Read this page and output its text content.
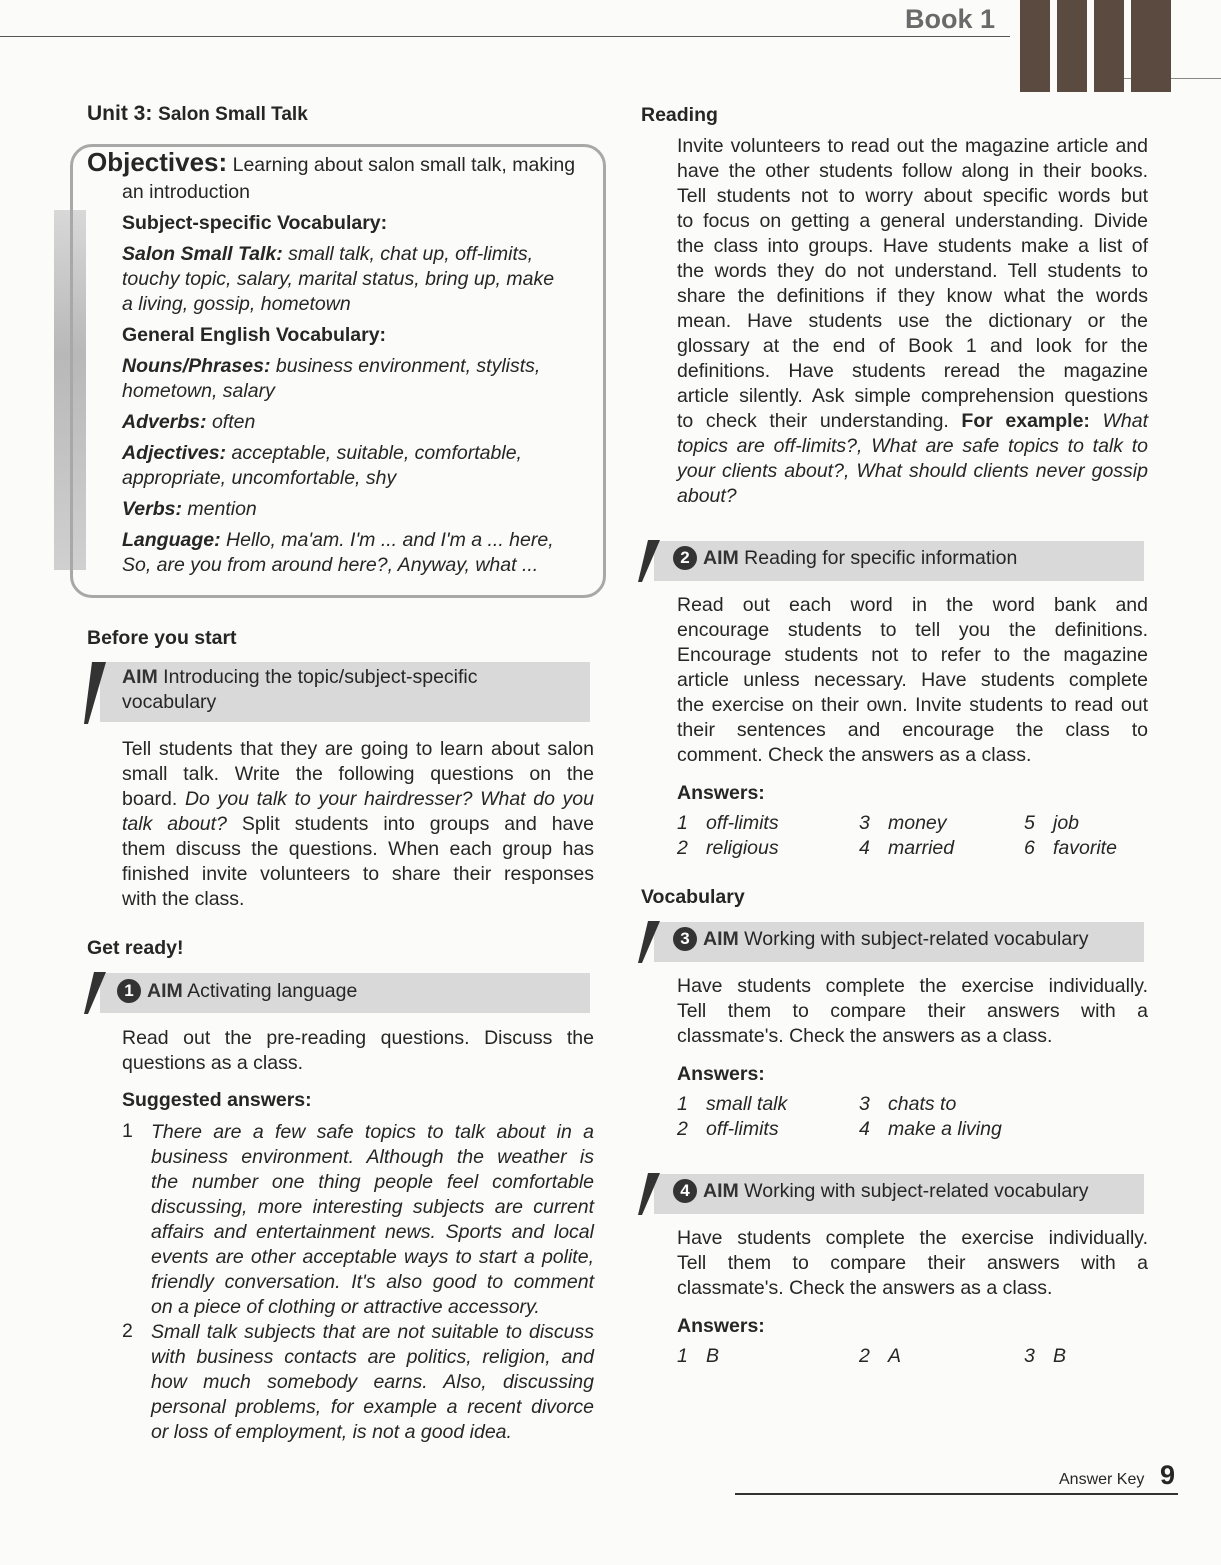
Book 1
Unit 3: Salon Small Talk
Objectives: Learning about salon small talk, making
an introduction
Subject-specific Vocabulary:
Salon Small Talk: small talk, chat up, off-limits,
touchy topic, salary, marital status, bring up, make
a living, gossip, hometown
General English Vocabulary:
Nouns/Phrases: business environment, stylists,
hometown, salary
Adverbs: often
Adjectives: acceptable, suitable, comfortable,
appropriate, uncomfortable, shy
Verbs: mention
Language: Hello, ma'am. I'm ... and I'm a ... here,
So, are you from around here?, Anyway, what ...
Before you start
AIM Introducing the topic/subject-specific
vocabulary
Tell students that they are going to learn about salon
small talk. Write the following questions on the
board. Do you talk to your hairdresser? What do you
talk about? Split students into groups and have
them discuss the questions. When each group has
finished invite volunteers to share their responses
with the class.
Get ready!
1 AIM Activating language
Read out the pre-reading questions. Discuss the
questions as a class.
Suggested answers:
1 There are a few safe topics to talk about in a
business environment. Although the weather is
the number one thing people feel comfortable
discussing, more interesting subjects are current
affairs and entertainment news. Sports and local
events are other acceptable ways to start a polite,
friendly conversation. It's also good to comment
on a piece of clothing or attractive accessory.
2 Small talk subjects that are not suitable to discuss
with business contacts are politics, religion, and
how much somebody earns. Also, discussing
personal problems, for example a recent divorce
or loss of employment, is not a good idea.
Reading
Invite volunteers to read out the magazine article and
have the other students follow along in their books.
Tell students not to worry about specific words but
to focus on getting a general understanding. Divide
the class into groups. Have students make a list of
the words they do not understand. Tell students to
share the definitions if they know what the words
mean. Have students use the dictionary or the
glossary at the end of Book 1 and look for the
definitions. Have students reread the magazine
article silently. Ask simple comprehension questions
to check their understanding. For example: What
topics are off-limits?, What are safe topics to talk to
your clients about?, What should clients never gossip
about?
2 AIM Reading for specific information
Read out each word in the word bank and
encourage students to tell you the definitions.
Encourage students not to refer to the magazine
article unless necessary. Have students complete
the exercise on their own. Invite students to read out
their sentences and encourage the class to
comment. Check the answers as a class.
Answers:
1 off-limits	3 money	5 job
2 religious	4 married	6 favorite
Vocabulary
3 AIM Working with subject-related vocabulary
Have students complete the exercise individually.
Tell them to compare their answers with a
classmate's. Check the answers as a class.
Answers:
1 small talk	3 chats to
2 off-limits	4 make a living
4 AIM Working with subject-related vocabulary
Have students complete the exercise individually.
Tell them to compare their answers with a
classmate's. Check the answers as a class.
Answers:
1 B	2 A	3 B
Answer Key 9
